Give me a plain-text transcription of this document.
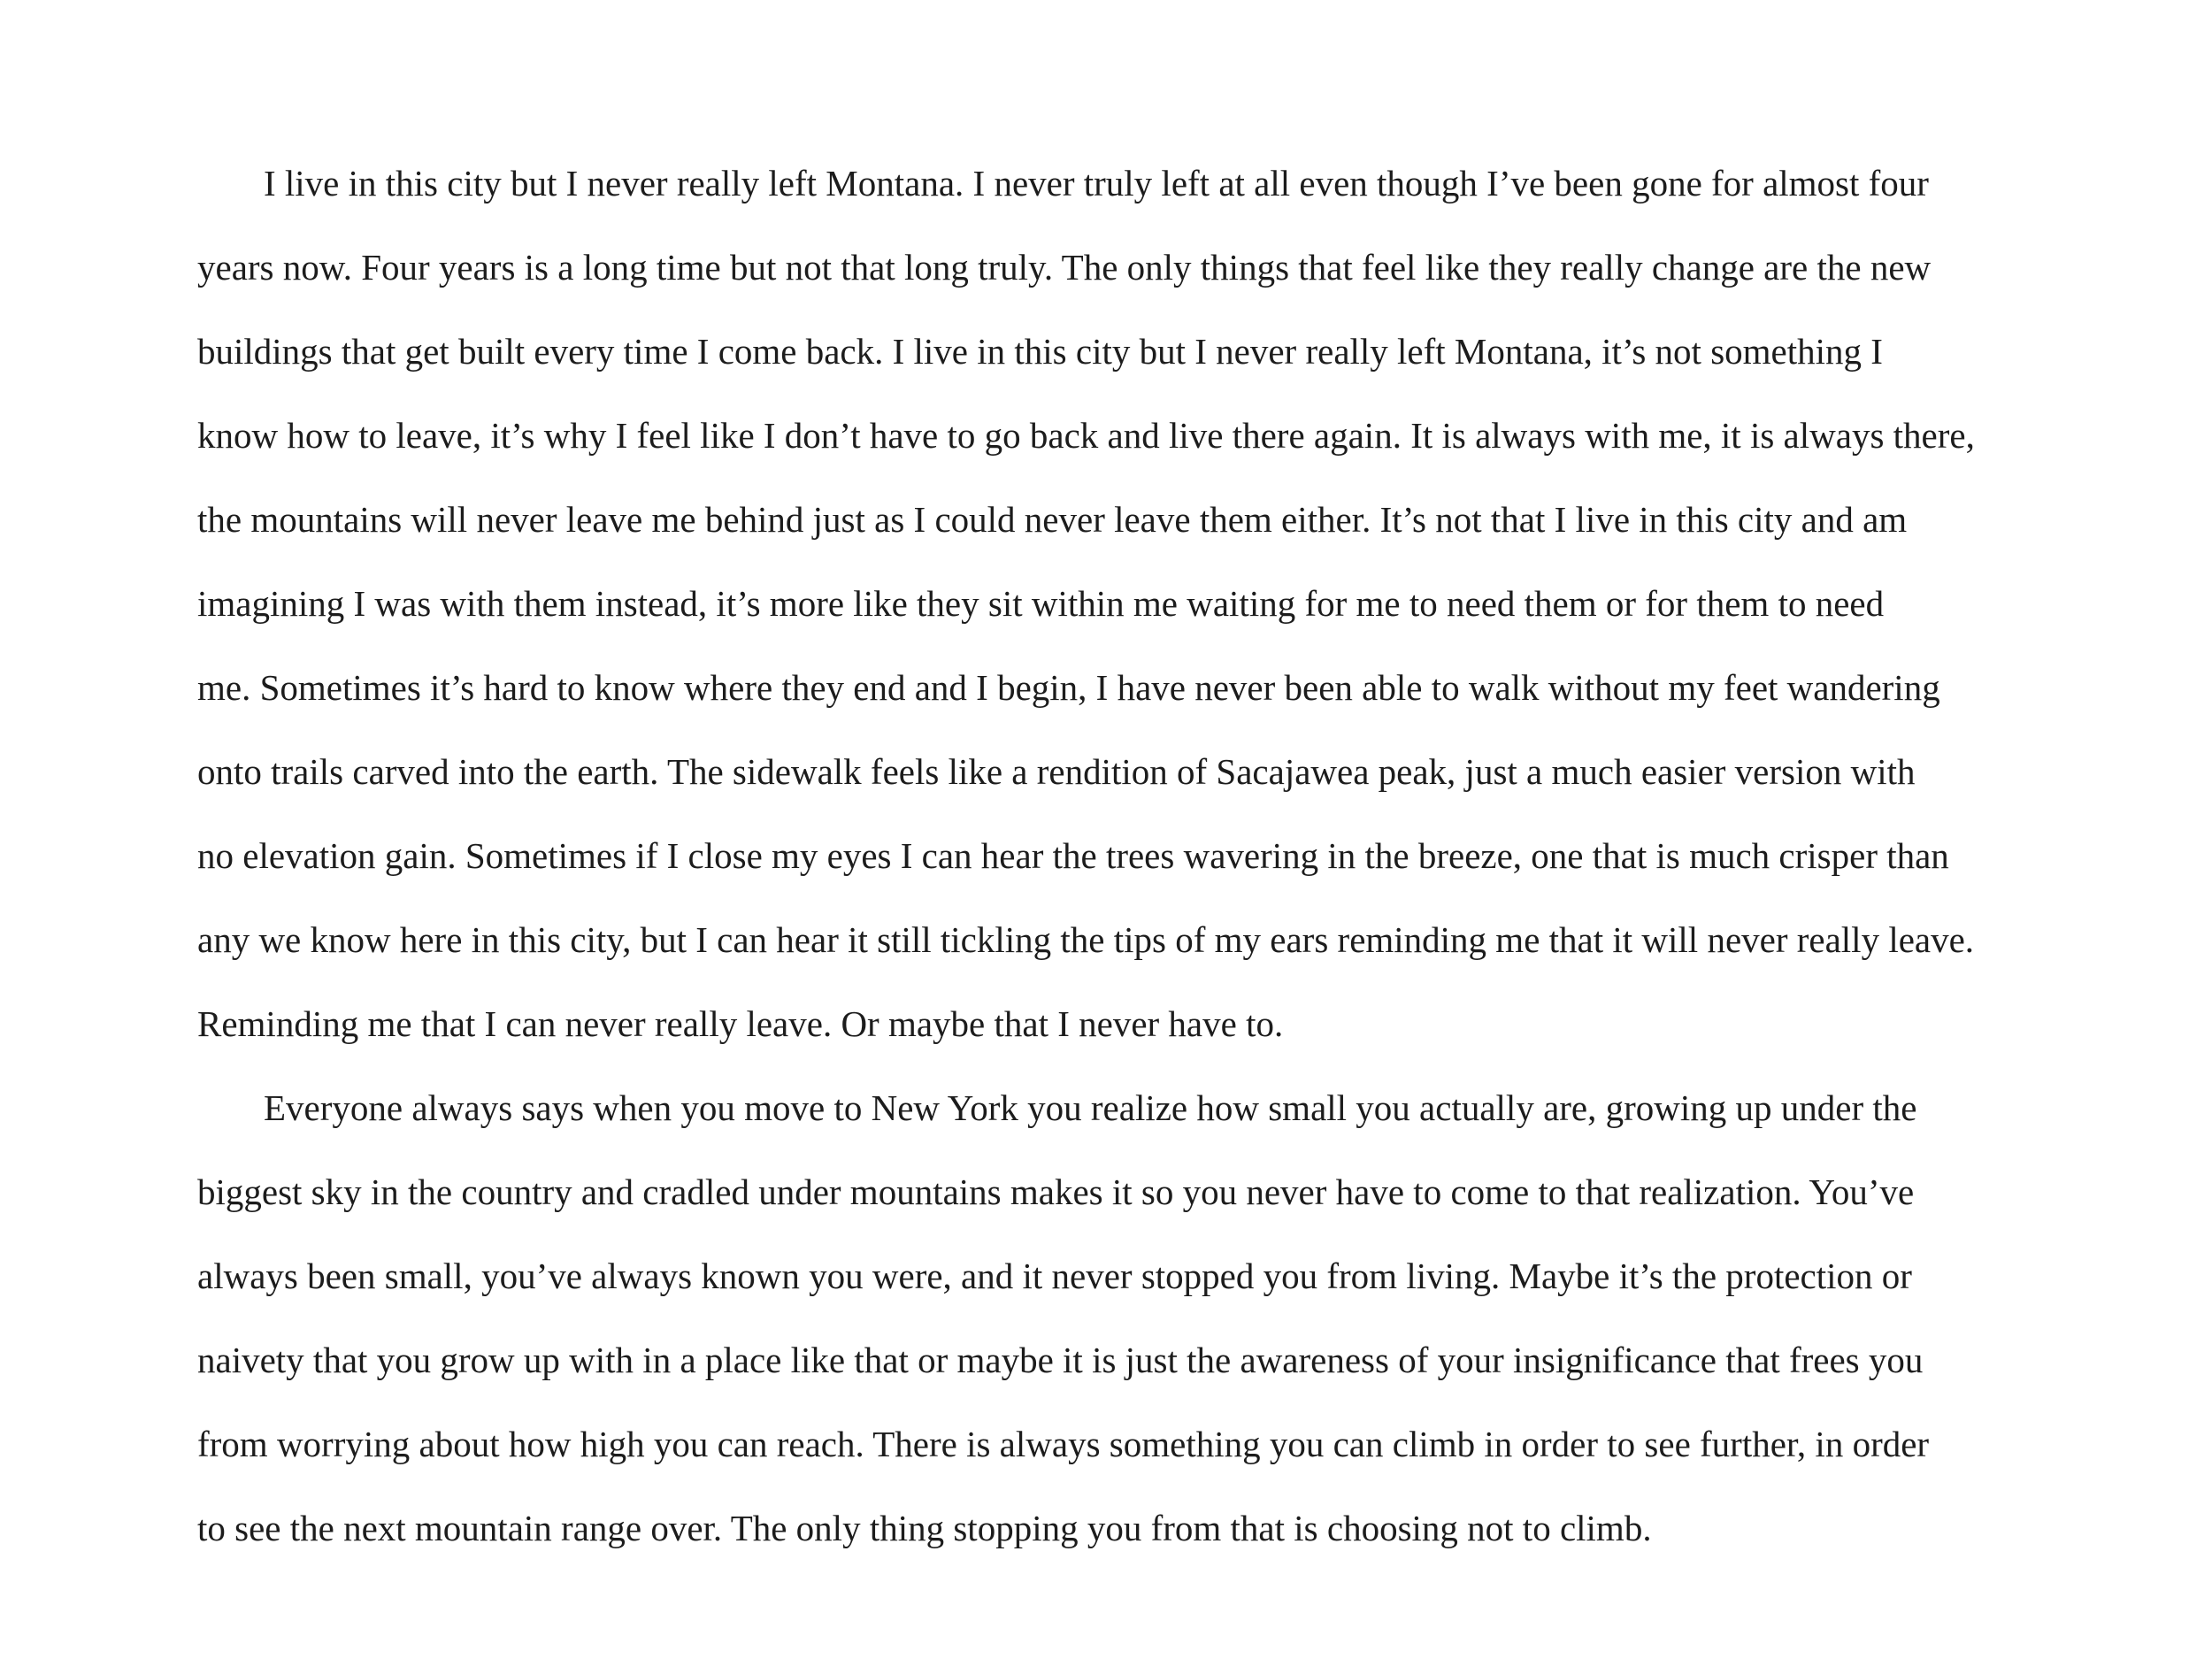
I live in this city but I never really left Montana. I never truly left at all even though I’ve been gone for almost four
years now. Four years is a long time but not that long truly. The only things that feel like they really change are the new
buildings that get built every time I come back. I live in this city but I never really left Montana, it’s not something I
know how to leave, it’s why I feel like I don’t have to go back and live there again. It is always with me, it is always there,
the mountains will never leave me behind just as I could never leave them either. It’s not that I live in this city and am
imagining I was with them instead, it’s more like they sit within me waiting for me to need them or for them to need
me. Sometimes it’s hard to know where they end and I begin, I have never been able to walk without my feet wandering
onto trails carved into the earth. The sidewalk feels like a rendition of Sacajawea peak, just a much easier version with
no elevation gain. Sometimes if I close my eyes I can hear the trees wavering in the breeze, one that is much crisper than
any we know here in this city, but I can hear it still tickling the tips of my ears reminding me that it will never really leave.
Reminding me that I can never really leave. Or maybe that I never have to.
Everyone always says when you move to New York you realize how small you actually are, growing up under the
biggest sky in the country and cradled under mountains makes it so you never have to come to that realization. You’ve
always been small, you’ve always known you were, and it never stopped you from living. Maybe it’s the protection or
naivety that you grow up with in a place like that or maybe it is just the awareness of your insignificance that frees you
from worrying about how high you can reach. There is always something you can climb in order to see further, in order
to see the next mountain range over. The only thing stopping you from that is choosing not to climb.
